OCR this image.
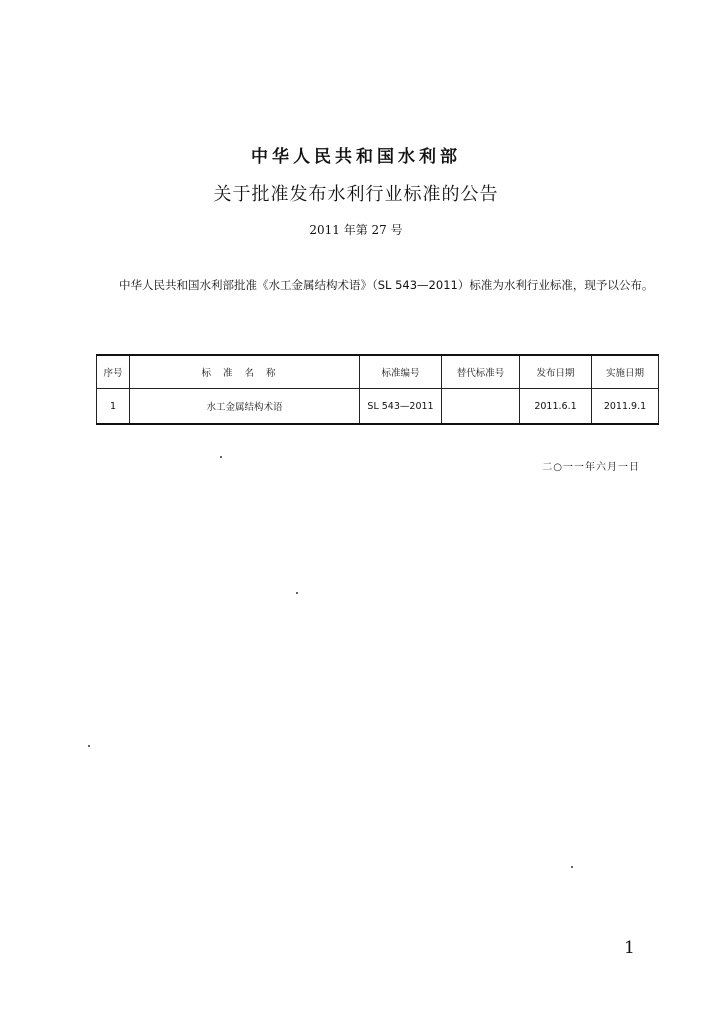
中华人民共和国水利部
关于批准发布水利行业标准的公告
2011 年第 27 号
中华人民共和国水利部批准《水工金属结构术语》（SL 543—2011）标准为水利行业标准，现予以公布。
序号	标准名称	标准编号	替代标准号	发布日期	实施日期
1	水工金属结构术语	SL 543—2011		2011.6.1	2011.9.1
二○一一年六月一日
1
